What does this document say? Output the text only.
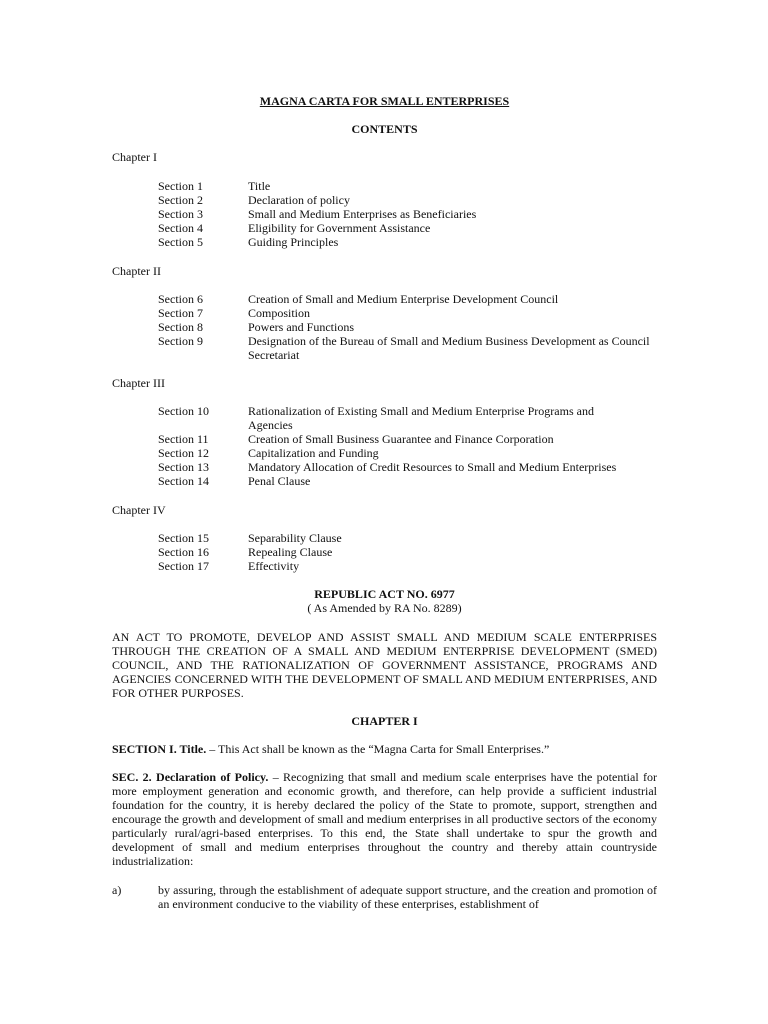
MAGNA CARTA FOR SMALL ENTERPRISES
CONTENTS
Chapter I
Section 1	Title
Section 2	Declaration of policy
Section 3	Small and Medium Enterprises as Beneficiaries
Section 4	Eligibility for Government Assistance
Section 5	Guiding Principles
Chapter II
Section 6	Creation of Small and Medium Enterprise Development Council
Section 7	Composition
Section 8	Powers and Functions
Section 9	Designation of the Bureau of Small and Medium Business Development as Council Secretariat
Chapter III
Section 10	Rationalization of Existing Small and Medium Enterprise Programs and Agencies
Section 11	Creation of Small Business Guarantee and Finance Corporation
Section 12	Capitalization and Funding
Section 13	Mandatory Allocation of Credit Resources to Small and Medium Enterprises
Section 14	Penal Clause
Chapter IV
Section 15	Separability Clause
Section 16	Repealing Clause
Section 17	Effectivity
REPUBLIC ACT NO. 6977
( As Amended by RA No. 8289)
AN ACT TO PROMOTE, DEVELOP AND ASSIST SMALL AND MEDIUM SCALE ENTERPRISES THROUGH THE CREATION OF A SMALL AND MEDIUM ENTERPRISE DEVELOPMENT (SMED) COUNCIL, AND THE RATIONALIZATION OF GOVERNMENT ASSISTANCE, PROGRAMS AND AGENCIES CONCERNED WITH THE DEVELOPMENT OF SMALL AND MEDIUM ENTERPRISES, AND FOR OTHER PURPOSES.
CHAPTER I
SECTION I. Title. – This Act shall be known as the “Magna Carta for Small Enterprises.”
SEC. 2. Declaration of Policy. – Recognizing that small and medium scale enterprises have the potential for more employment generation and economic growth, and therefore, can help provide a sufficient industrial foundation for the country, it is hereby declared the policy of the State to promote, support, strengthen and encourage the growth and development of small and medium enterprises in all productive sectors of the economy particularly rural/agri-based enterprises. To this end, the State shall undertake to spur the growth and development of small and medium enterprises throughout the country and thereby attain countryside industrialization:
a)	by assuring, through the establishment of adequate support structure, and the creation and promotion of an environment conducive to the viability of these enterprises, establishment of
